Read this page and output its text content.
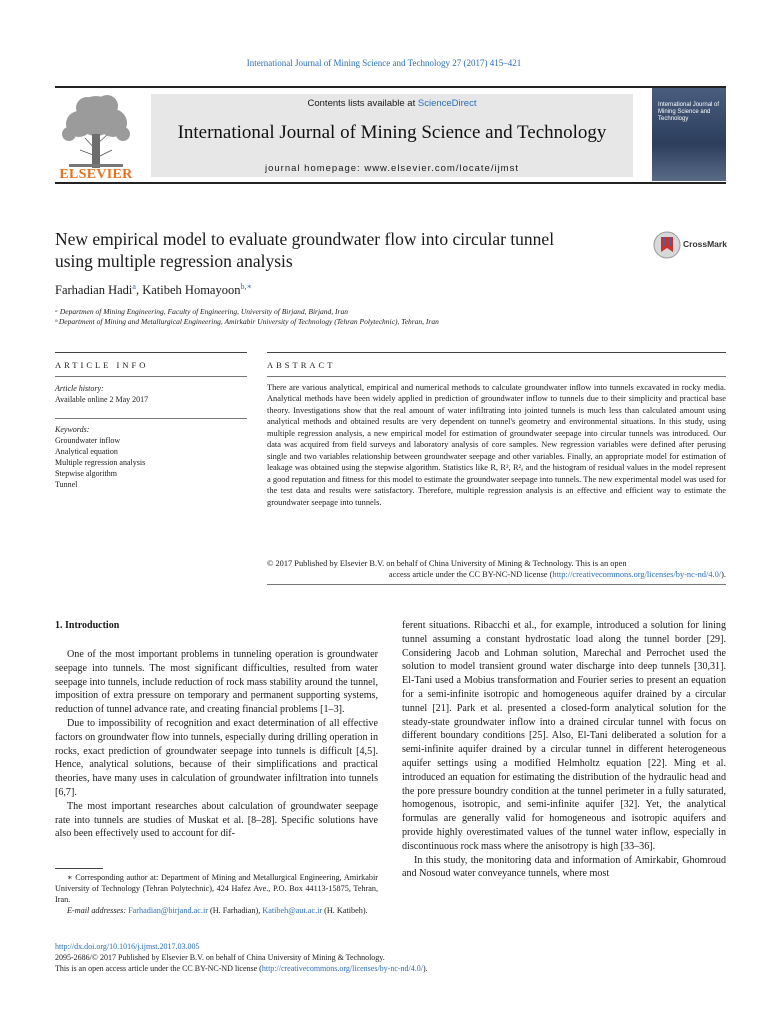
International Journal of Mining Science and Technology 27 (2017) 415–421
ELSEVIER
Contents lists available at ScienceDirect
International Journal of Mining Science and Technology
journal homepage: www.elsevier.com/locate/ijmst
International Journal of Mining Science and Technology
New empirical model to evaluate groundwater flow into circular tunnel
using multiple regression analysis
CrossMark
Farhadian Hadi$^a$, Katibeh Homayoon$^{b,∗}$
ᵃ Departmen of Mining Engineering, Faculty of Engineering, University of Birjand, Birjand, Iran
ᵇ Department of Mining and Metallurgical Engineering, Amirkabir University of Technology (Tehran Polytechnic), Tehran, Iran
ARTICLE INFO	ABSTRACT
Article history:
Available online 2 May 2017
Keywords:
Groundwater inflow
Analytical equation
Multiple regression analysis
Stepwise algorithm
Tunnel
There are various analytical, empirical and numerical methods to calculate groundwater inflow into tunnels excavated in rocky media. Analytical methods have been widely applied in prediction of groundwater inflow to tunnels due to their simplicity and practical base theory. Investigations show that the real amount of water infiltrating into jointed tunnels is much less than calculated amount using analytical methods and obtained results are very dependent on tunnel's geometry and environmental situations. In this study, using multiple regression analysis, a new empirical model for estimation of groundwater seepage into circular tunnels was introduced. Our data was acquired from field surveys and laboratory analysis of core samples. New regression variables were defined after perusing single and two variables relationship between groundwater seepage and other variables. Finally, an appropriate model for estimation of leakage was obtained using the stepwise algorithm. Statistics like R, R², R²ₐ and the histogram of residual values in the model represent a good reputation and fitness for this model to estimate the groundwater seepage into tunnels. The new experimental model was used for the test data and results were satisfactory. Therefore, multiple regression analysis is an effective and efficient way to estimate the groundwater seepage into tunnels.
© 2017 Published by Elsevier B.V. on behalf of China University of Mining & Technology. This is an open
access article under the CC BY-NC-ND license (http://creativecommons.org/licenses/by-nc-nd/4.0/).
1. Introduction

One of the most important problems in tunneling operation is groundwater seepage into tunnels. The most significant difficulties, resulted from water seepage into tunnels, include reduction of rock mass stability around the tunnel, imposition of extra pressure on temporary and permanent supporting systems, reduction of tunnel advance rate, and creating financial problems [1–3].

Due to impossibility of recognition and exact determination of all effective factors on groundwater flow into tunnels, especially during drilling operation in rocks, exact prediction of groundwater seepage into tunnels is difficult [4,5]. Hence, analytical solutions, because of their simplifications and practical theories, have many uses in calculation of groundwater infiltration into tunnels [6,7].

The most important researches about calculation of groundwater seepage rate into tunnels are studies of Muskat et al. [8–28]. Specific solutions have also been effectively used to account for dif-

ferent situations. Ribacchi et al., for example, introduced a solution for lining tunnel assuming a constant hydrostatic load along the tunnel border [29]. Considering Jacob and Lohman solution, Marechal and Perrochet used the solution to model transient ground water discharge into deep tunnels [30,31]. El-Tani used a Mobius transformation and Fourier series to present an equation for a semi-infinite isotropic and homogeneous aquifer drained by a circular tunnel [21]. Park et al. presented a closed-form analytical solution for the steady-state groundwater inflow into a drained circular tunnel with focus on different boundary conditions [25]. Also, El-Tani deliberated a solution for a semi-infinite aquifer drained by a circular tunnel in different heterogeneous aquifer settings using a modified Helmholtz equation [22]. Ming et al. introduced an equation for estimating the distribution of the hydraulic head and the pore pressure boundry condition at the tunnel perimeter in a fully saturated, homogenous, isotropic, and semi-infinite aquifer [32]. Yet, the analytical formulas are generally valid for homogeneous and isotropic aquifers and provide highly overestimated values of the tunnel water inflow, especially in discontinuous rock mass where the anisotropy is high [33–36].

In this study, the monitoring data and information of Amirkabir, Ghomroud and Nosoud water conveyance tunnels, where most

∗ Corresponding author at: Department of Mining and Metallurgical Engineering, Amirkabir University of Technology (Tehran Polytechnic), 424 Hafez Ave., P.O. Box 44113-15875, Tehran, Iran.
E-mail addresses: Farhadian@birjand.ac.ir (H. Farhadian), Katibeh@aut.ac.ir (H. Katibeh).
http://dx.doi.org/10.1016/j.ijmst.2017.03.005
2095-2686/© 2017 Published by Elsevier B.V. on behalf of China University of Mining & Technology.
This is an open access article under the CC BY-NC-ND license (http://creativecommons.org/licenses/by-nc-nd/4.0/).
